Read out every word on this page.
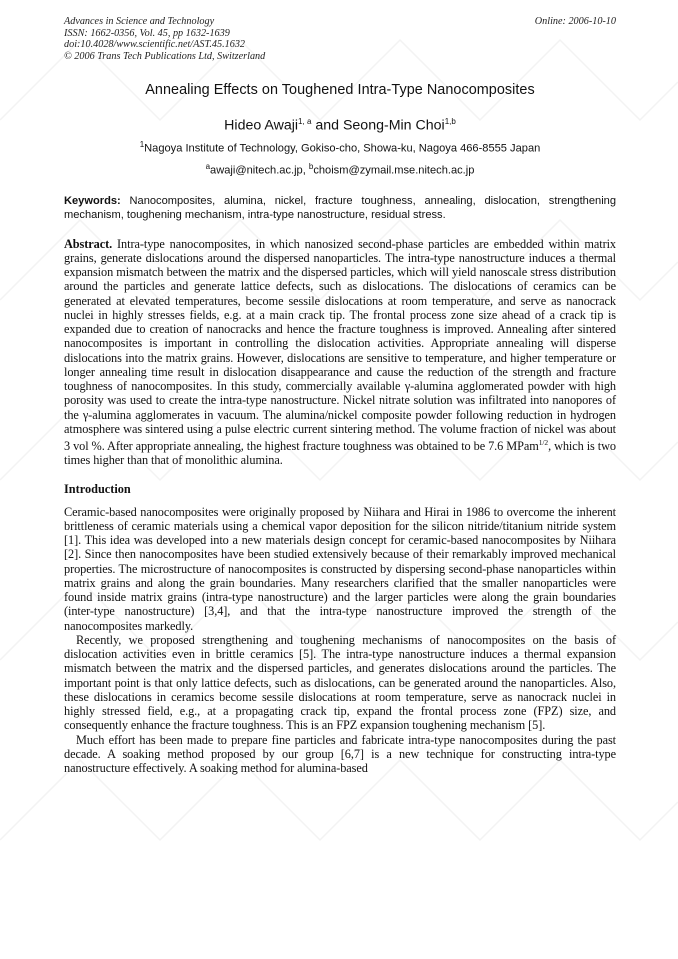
Advances in Science and Technology
ISSN: 1662-0356, Vol. 45, pp 1632-1639
doi:10.4028/www.scientific.net/AST.45.1632
© 2006 Trans Tech Publications Ltd, Switzerland
Online: 2006-10-10
Annealing Effects on Toughened Intra-Type Nanocomposites
Hideo Awaji$^{1, a}$ and Seong-Min Choi$^{1,b}$
$^1$Nagoya Institute of Technology, Gokiso-cho, Showa-ku, Nagoya 466-8555 Japan
$^a$awaji@nitech.ac.jp, $^b$choism@zymail.mse.nitech.ac.jp
Keywords: Nanocomposites, alumina, nickel, fracture toughness, annealing, dislocation, strengthening mechanism, toughening mechanism, intra-type nanostructure, residual stress.
Abstract. Intra-type nanocomposites, in which nanosized second-phase particles are embedded within matrix grains, generate dislocations around the dispersed nanoparticles. The intra-type nanostructure induces a thermal expansion mismatch between the matrix and the dispersed particles, which will yield nanoscale stress distribution around the particles and generate lattice defects, such as dislocations. The dislocations of ceramics can be generated at elevated temperatures, become sessile dislocations at room temperature, and serve as nanocrack nuclei in highly stresses fields, e.g. at a main crack tip. The frontal process zone size ahead of a crack tip is expanded due to creation of nanocracks and hence the fracture toughness is improved. Annealing after sintered nanocomposites is important in controlling the dislocation activities. Appropriate annealing will disperse dislocations into the matrix grains. However, dislocations are sensitive to temperature, and higher temperature or longer annealing time result in dislocation disappearance and cause the reduction of the strength and fracture toughness of nanocomposites. In this study, commercially available γ-alumina agglomerated powder with high porosity was used to create the intra-type nanostructure. Nickel nitrate solution was infiltrated into nanopores of the γ-alumina agglomerates in vacuum. The alumina/nickel composite powder following reduction in hydrogen atmosphere was sintered using a pulse electric current sintering method. The volume fraction of nickel was about 3 vol %. After appropriate annealing, the highest fracture toughness was obtained to be 7.6 MPam$^{1/2}$, which is two times higher than that of monolithic alumina.
Introduction
Ceramic-based nanocomposites were originally proposed by Niihara and Hirai in 1986 to overcome the inherent brittleness of ceramic materials using a chemical vapor deposition for the silicon nitride/titanium nitride system [1]. This idea was developed into a new materials design concept for ceramic-based nanocomposites by Niihara [2]. Since then nanocomposites have been studied extensively because of their remarkably improved mechanical properties. The microstructure of nanocomposites is constructed by dispersing second-phase nanoparticles within matrix grains and along the grain boundaries. Many researchers clarified that the smaller nanoparticles were found inside matrix grains (intra-type nanostructure) and the larger particles were along the grain boundaries (inter-type nanostructure) [3,4], and that the intra-type nanostructure improved the strength of the nanocomposites markedly.
Recently, we proposed strengthening and toughening mechanisms of nanocomposites on the basis of dislocation activities even in brittle ceramics [5]. The intra-type nanostructure induces a thermal expansion mismatch between the matrix and the dispersed particles, and generates dislocations around the particles. The important point is that only lattice defects, such as dislocations, can be generated around the nanoparticles. Also, these dislocations in ceramics become sessile dislocations at room temperature, serve as nanocrack nuclei in highly stressed field, e.g., at a propagating crack tip, expand the frontal process zone (FPZ) size, and consequently enhance the fracture toughness. This is an FPZ expansion toughening mechanism [5].
Much effort has been made to prepare fine particles and fabricate intra-type nanocomposites during the past decade. A soaking method proposed by our group [6,7] is a new technique for constructing intra-type nanostructure effectively. A soaking method for alumina-based
